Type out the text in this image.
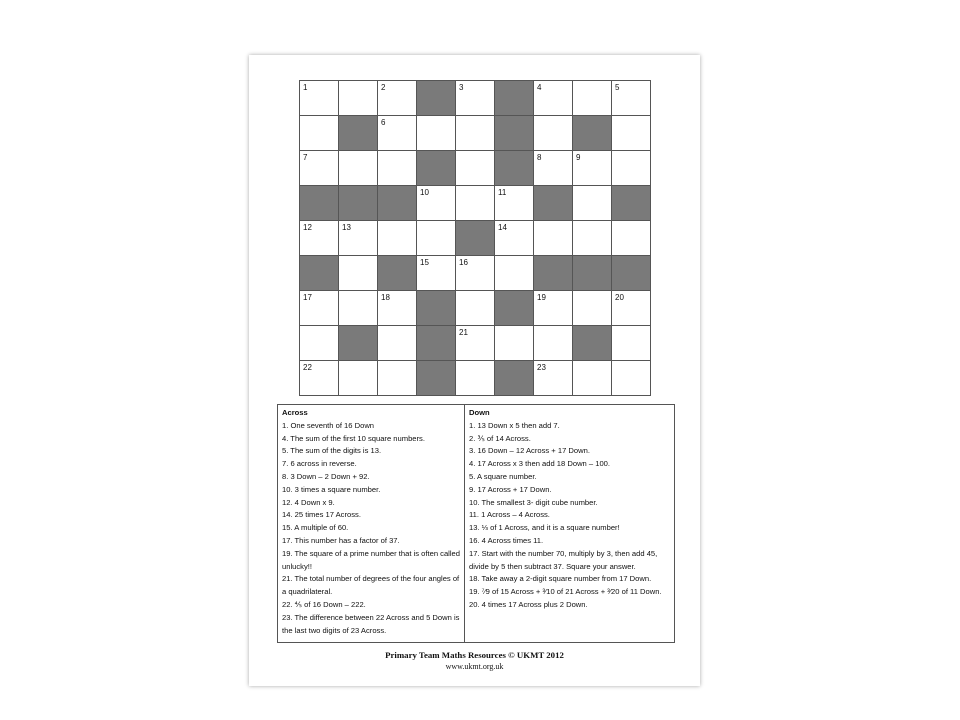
1		2		3		4		5

		6						

7						8	9	

			10		11			

12	13				14			

			15	16				

17		18				19		20

				21				

22						23		

Across
1. One seventh of 16 Down
4. The sum of the first 10 square numbers.
5. The sum of the digits is 13.
7. 6 across in reverse.
8. 3 Down – 2 Down + 92.
10. 3 times a square number.
12. 4 Down x 9.
14. 25 times 17 Across.
15. A multiple of 60.
17. This number has a factor of 37.
19. The square of a prime number that is often called unlucky!!
21. The total number of degrees of the four angles of a quadrilateral.
22. ⅘ of 16 Down – 222.
23. The difference between 22 Across and 5 Down is the last two digits of 23 Across.
Down
1. 13 Down x 5 then add 7.
2. ⅗ of 14 Across.
3. 16 Down – 12 Across + 17 Down.
4. 17 Across x 3 then add 18 Down – 100.
5. A square number.
9. 17 Across + 17 Down.
10. The smallest 3- digit cube number.
11. 1 Across – 4 Across.
13. ⅓ of 1 Across, and it is a square number!
16. 4 Across times 11.
17. Start with the number 70, multiply by 3, then add 45, divide by 5 then subtract 37. Square your answer.
18. Take away a 2-digit square number from 17 Down.
19. ⁷⁄9 of 15 Across + ³⁄10 of 21 Across + ³⁄20 of 11 Down.
20. 4 times 17 Across plus 2 Down.
Primary Team Maths Resources © UKMT 2012
www.ukmt.org.uk
